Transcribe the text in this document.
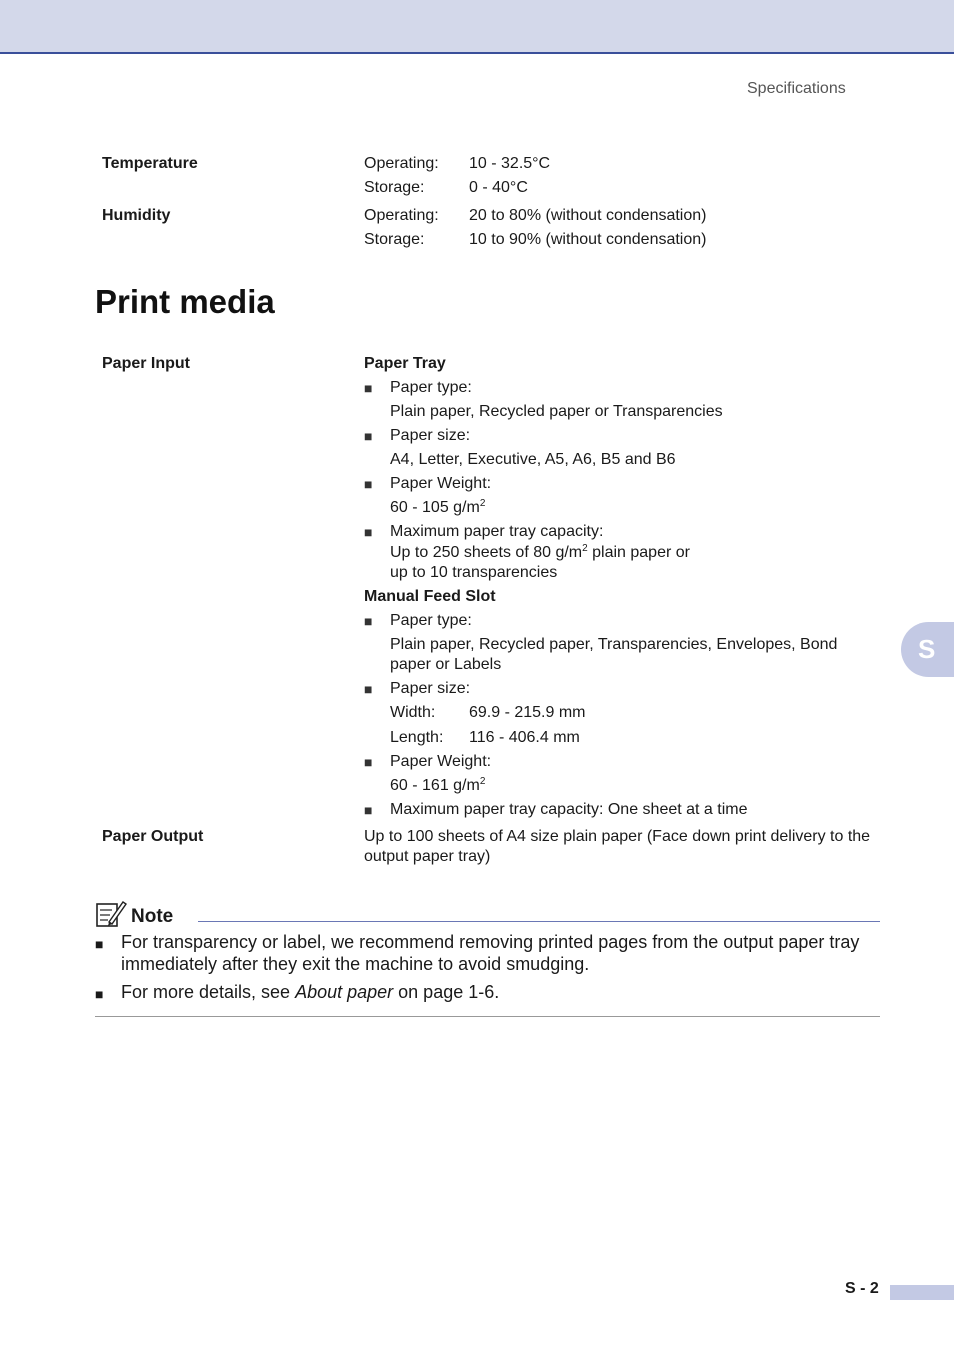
Specifications
Temperature	Operating: 10 - 32.5°C
Storage:	0 - 40°C
Humidity	Operating: 20 to 80% (without condensation)
Storage:	10 to 90% (without condensation)
Print media
Paper Input	Paper Tray
■ Paper type:
Plain paper, Recycled paper or Transparencies
■ Paper size:
A4, Letter, Executive, A5, A6, B5 and B6
■ Paper Weight:
60 - 105 $g/m^2$
■ Maximum paper tray capacity:
Up to 250 sheets of 80 $g/m^2$ plain paper or
up to 10 transparencies
Manual Feed Slot
■ Paper type:
Plain paper, Recycled paper, Transparencies, Envelopes, Bond paper or Labels
■ Paper size:
Width: 69.9 - 215.9 mm
Length: 116 - 406.4 mm
■ Paper Weight:
60 - 161 $g/m^2$
■ Maximum paper tray capacity: One sheet at a time
Paper Output	Up to 100 sheets of A4 size plain paper (Face down print delivery to the output paper tray)
Note
■ For transparency or label, we recommend removing printed pages from the output paper tray immediately after they exit the machine to avoid smudging.
■ For more details, see About paper on page 1-6.
S
S - 2
